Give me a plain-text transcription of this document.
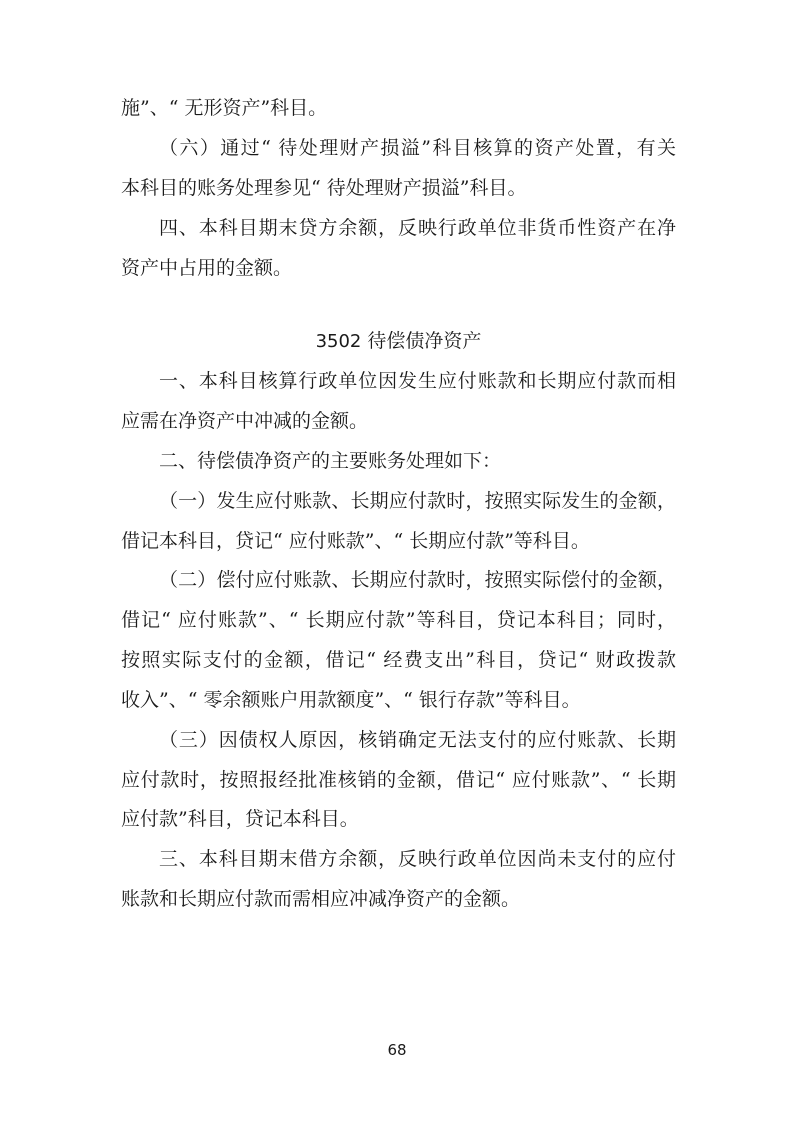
施”、“ 无形资产”科目。
（六）通过“ 待处理财产损溢”科目核算的资产处置，有关
本科目的账务处理参见“ 待处理财产损溢”科目。
四、本科目期末贷方余额，反映行政单位非货币性资产在净
资产中占用的金额。
3502 待偿债净资产
一、本科目核算行政单位因发生应付账款和长期应付款而相
应需在净资产中冲减的金额。
二、待偿债净资产的主要账务处理如下：
（一）发生应付账款、长期应付款时，按照实际发生的金额，
借记本科目，贷记“ 应付账款”、“ 长期应付款”等科目。
（二）偿付应付账款、长期应付款时，按照实际偿付的金额，
借记“ 应付账款”、“ 长期应付款”等科目，贷记本科目；同时，
按照实际支付的金额，借记“ 经费支出”科目，贷记“ 财政拨款
收入”、“ 零余额账户用款额度”、“ 银行存款”等科目。
（三）因债权人原因，核销确定无法支付的应付账款、长期
应付款时，按照报经批准核销的金额，借记“ 应付账款”、“ 长期
应付款”科目，贷记本科目。
三、本科目期末借方余额，反映行政单位因尚未支付的应付
账款和长期应付款而需相应冲减净资产的金额。
68
